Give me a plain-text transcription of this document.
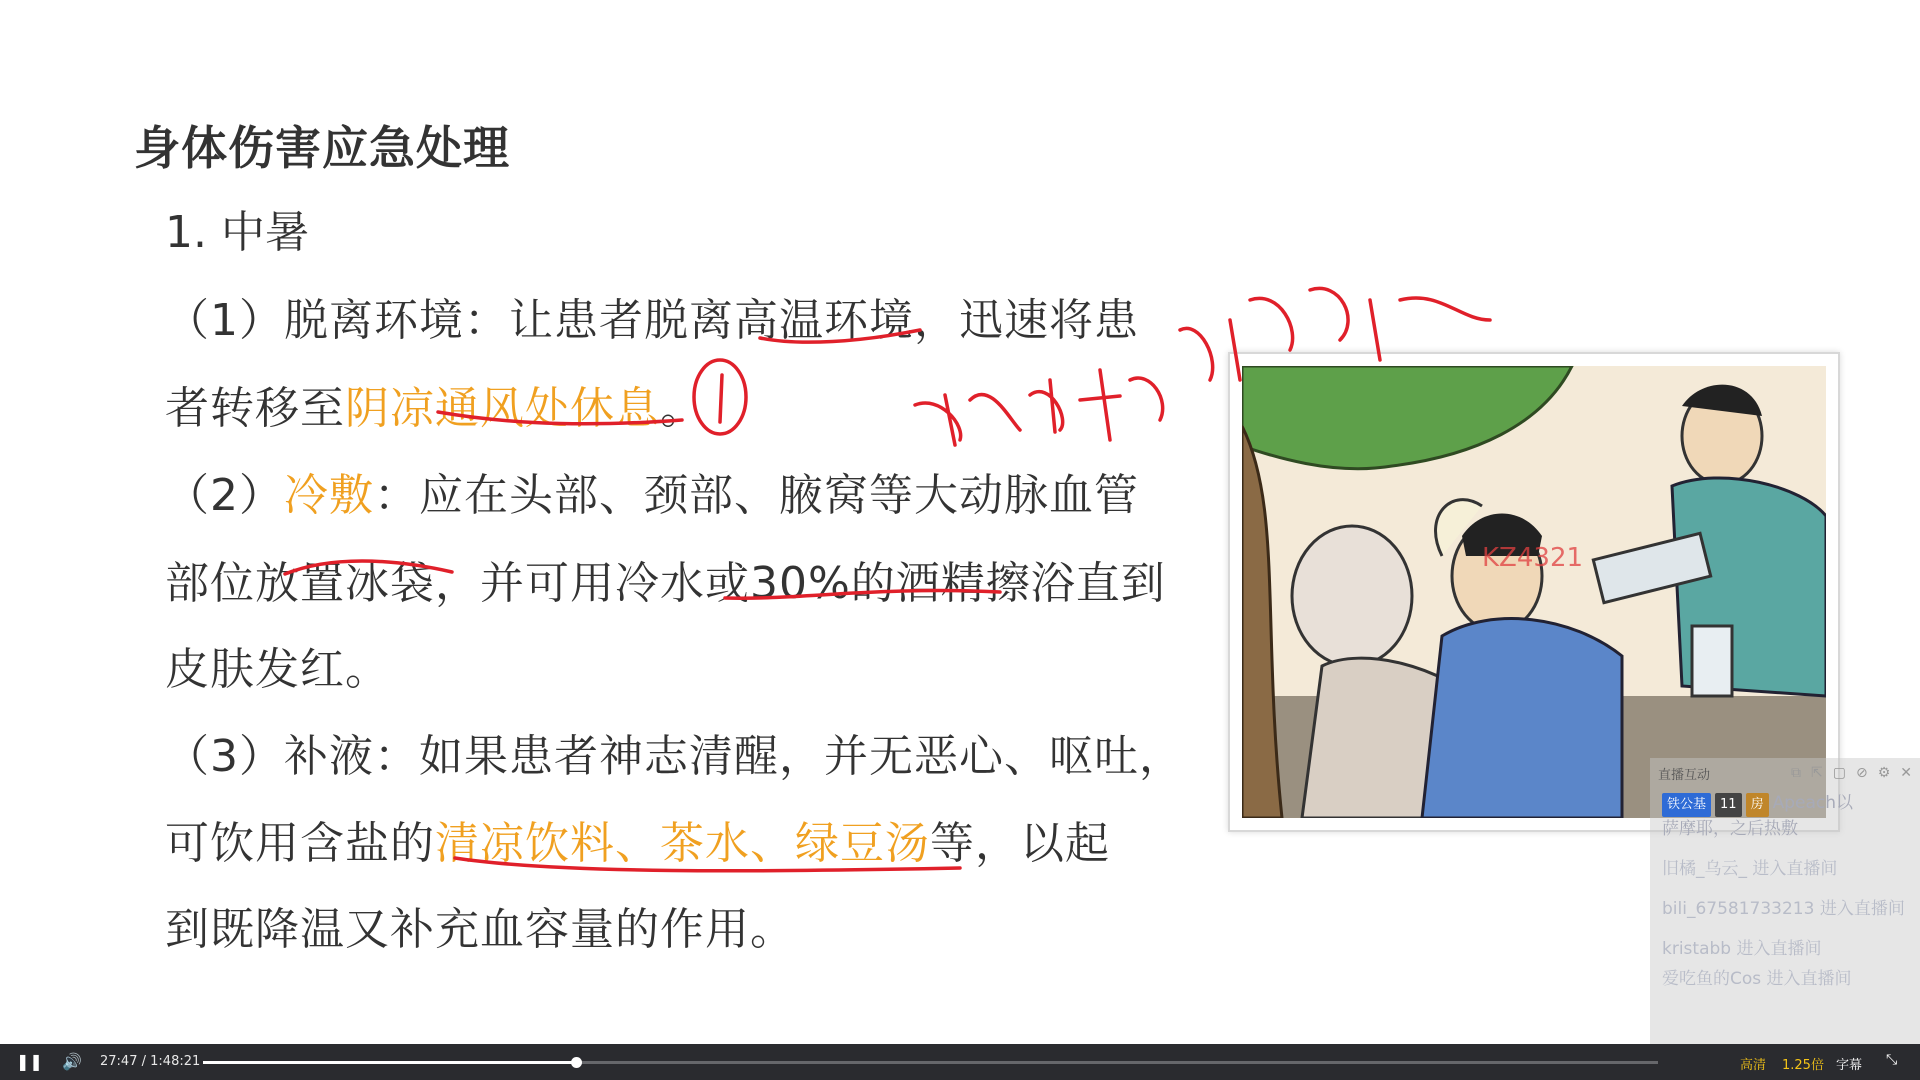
身体伤害应急处理
1. 中暑
（1）脱离环境：让患者脱离高温环境，迅速将患
者转移至阴凉通风处休息。
（2）冷敷：应在头部、颈部、腋窝等大动脉血管
部位放置冰袋，并可用冷水或30%的酒精擦浴直到
皮肤发红。
（3）补液：如果患者神志清醒，并无恶心、呕吐，
可饮用含盐的清凉饮料、茶水、绿豆汤等，以起
到既降温又补充血容量的作用。
KZ4321
直播互动	⧉ ⇱ ▢ ⊘ ⚙ ✕
铁公基 11 房 Apeach以
萨摩耶，之后热敷
旧橘_乌云_ 进入直播间
bili_67581733213 进入直播间
kristabb 进入直播间
爱吃鱼的Cos 进入直播间
❚❚ 🔊 27:47 / 1:48:21	高清 1.25倍 字幕 ⤡
